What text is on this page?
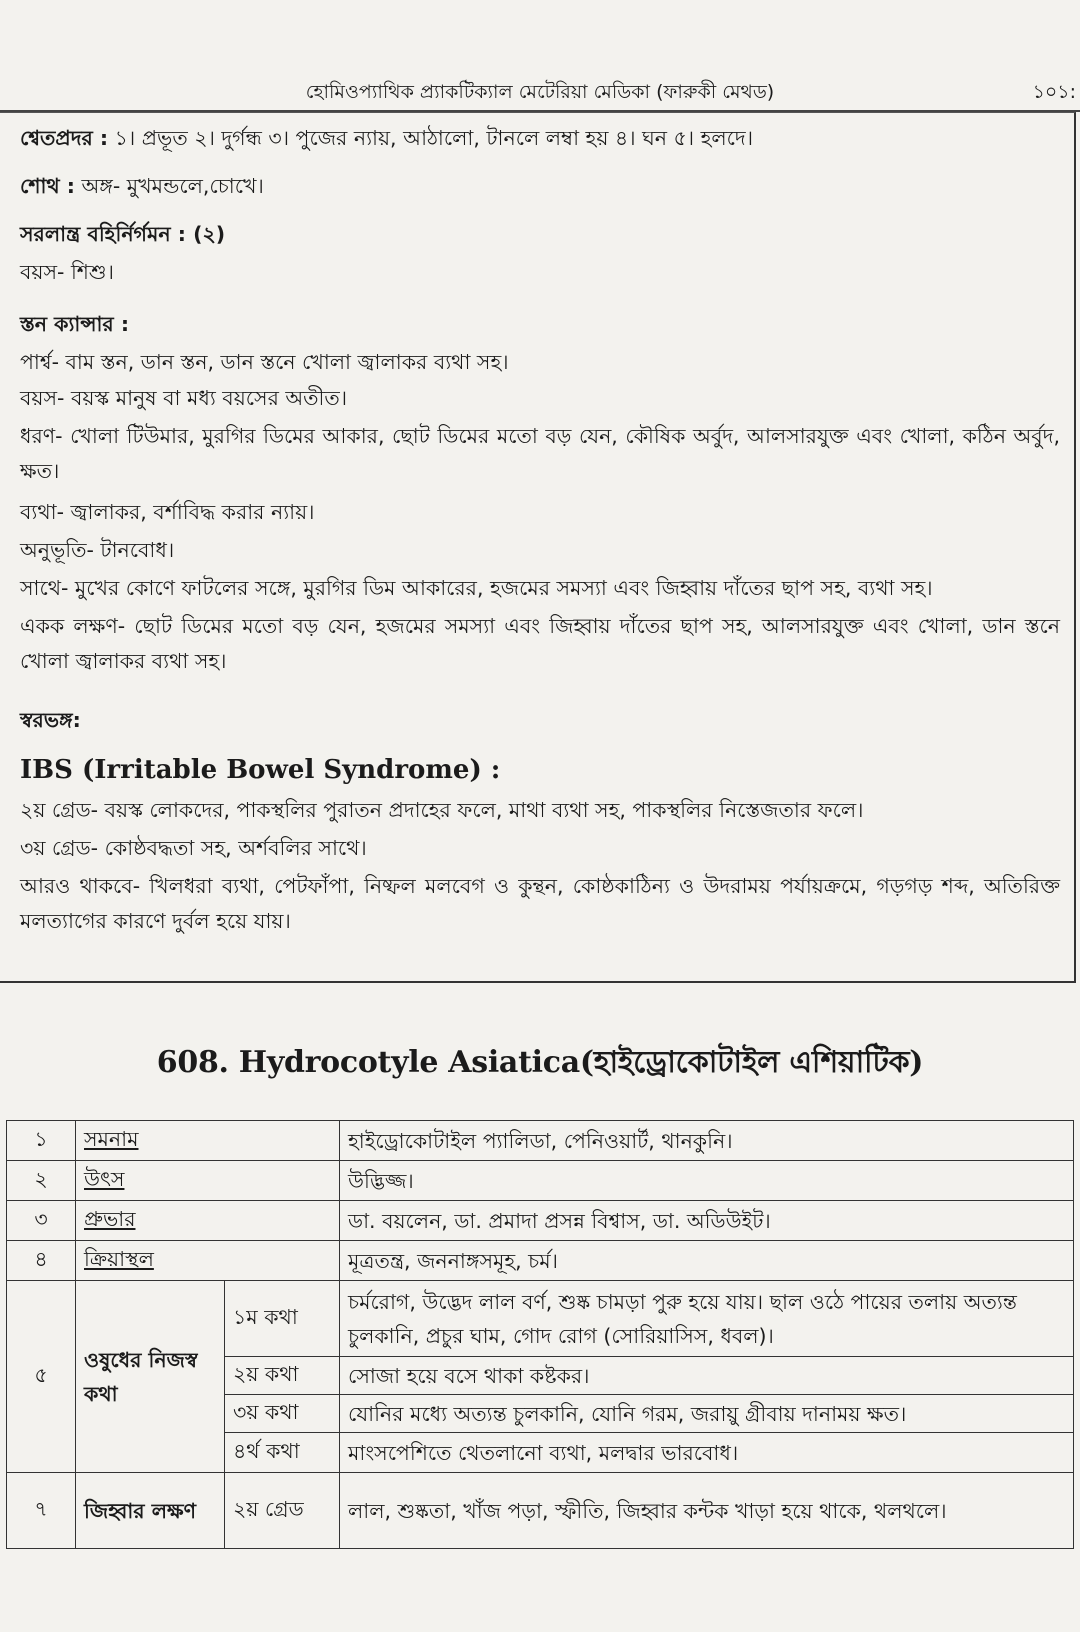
হোমিওপ্যাথিক প্র্যাকটিক্যাল মেটেরিয়া মেডিকা (ফারুকী মেথড)	১০১:
শ্বেতপ্রদর : ১। প্রভূত ২। দুর্গন্ধ ৩। পুজের ন্যায়, আঠালো, টানলে লম্বা হয় ৪। ঘন ৫। হলদে।
শোথ : অঙ্গ- মুখমন্ডলে,চোখে।
সরলান্ত্র বহির্নির্গমন : (২)
বয়স- শিশু।
স্তন ক্যান্সার :
পার্শ্ব- বাম স্তন, ডান স্তন, ডান স্তনে খোলা জ্বালাকর ব্যথা সহ।
বয়স- বয়স্ক মানুষ বা মধ্য বয়সের অতীত।
ধরণ- খোলা টিউমার, মুরগির ডিমের আকার, ছোট ডিমের মতো বড় যেন, কৌষিক অর্বুদ, আলসারযুক্ত এবং খোলা, কঠিন অর্বুদ, ক্ষত।
ব্যথা- জ্বালাকর, বর্শাবিদ্ধ করার ন্যায়।
অনুভূতি- টানবোধ।
সাথে- মুখের কোণে ফাটলের সঙ্গে, মুরগির ডিম আকারের, হজমের সমস্যা এবং জিহ্বায় দাঁতের ছাপ সহ, ব্যথা সহ।
একক লক্ষণ- ছোট ডিমের মতো বড় যেন, হজমের সমস্যা এবং জিহ্বায় দাঁতের ছাপ সহ, আলসারযুক্ত এবং খোলা, ডান স্তনে খোলা জ্বালাকর ব্যথা সহ।
স্বরভঙ্গ:
IBS (Irritable Bowel Syndrome) :
২য় গ্রেড- বয়স্ক লোকদের, পাকস্থলির পুরাতন প্রদাহের ফলে, মাথা ব্যথা সহ, পাকস্থলির নিস্তেজতার ফলে।
৩য় গ্রেড- কোষ্ঠবদ্ধতা সহ, অর্শবলির সাথে।
আরও থাকবে- খিলধরা ব্যথা, পেটফাঁপা, নিষ্ফল মলবেগ ও কুন্থন, কোষ্ঠকাঠিন্য ও উদরাময় পর্যায়ক্রমে, গড়গড় শব্দ, অতিরিক্ত মলত্যাগের কারণে দুর্বল হয়ে যায়।
608. Hydrocotyle Asiatica(হাইড্রোকোটাইল এশিয়াটিক)
১	সমনাম		হাইড্রোকোটাইল প্যালিডা, পেনিওয়ার্ট, থানকুনি।
২	উৎস		উদ্ভিজ্জ।
৩	প্রুভার		ডা. বয়লেন, ডা. প্রমাদা প্রসন্ন বিশ্বাস, ডা. অডিউইট।
৪	ক্রিয়াস্থল		মূত্রতন্ত্র, জননাঙ্গসমূহ, চর্ম।
৫	ওষুধের নিজস্ব কথা	১ম কথা	চর্মরোগ, উদ্ভেদ লাল বর্ণ, শুষ্ক চামড়া পুরু হয়ে যায়। ছাল ওঠে পায়ের তলায় অত্যন্ত চুলকানি, প্রচুর ঘাম, গোদ রোগ (সোরিয়াসিস, ধবল)।
		২য় কথা	সোজা হয়ে বসে থাকা কষ্টকর।
		৩য় কথা	যোনির মধ্যে অত্যন্ত চুলকানি, যোনি গরম, জরায়ু গ্রীবায় দানাময় ক্ষত।
		৪র্থ কথা	মাংসপেশিতে থেতলানো ব্যথা, মলদ্বার ভারবোধ।
৭	জিহ্বার লক্ষণ	২য় গ্রেড	লাল, শুষ্কতা, খাঁজ পড়া, স্ফীতি, জিহ্বার কন্টক খাড়া হয়ে থাকে, থলথলে।
